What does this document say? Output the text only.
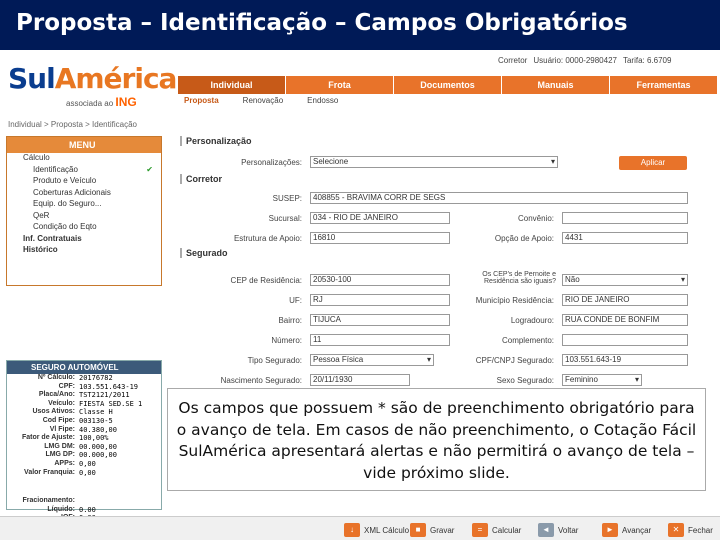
Proposta – Identificação – Campos Obrigatórios
Corretor Usuário: 0000-2980427 Tarifa: 6.6709
SulAmérica
associada ao ING
Individual	Frota	Documentos	Manuais	Ferramentas
Proposta	Renovação	Endosso
Individual > Proposta > Identificação
MENU
Cálculo
Identificação	✔
Produto e Veículo
Coberturas Adicionais
Equip. do Seguro...
QeR
Condição do Eqto
Inf. Contratuais
Histórico
SEGURO AUTOMÓVEL
Nº Cálculo: 20176782
CPF: 103.551.643-19
Placa/Ano: TST2121/2011
Veículo: FIESTA SED.SE 1
Usos Ativos: Classe H
Cod Fipe: 003130-5
Vl Fipe: 40.380,00
Fator de Ajuste: 100,00%
LMG DM: 00.000,00
LMG DP: 00.000,00
APPs: 0,00
Valor Franquia: 0,00
Fracionamento:
Líquido: 0.00
Personalização
Personalizações:	Selecione ▾	Aplicar
Corretor
SUSEP:	408855 - BRAVIMA CORR DE SEGS
Sucursal:	034 - RIO DE JANEIRO	Convênio:
Estrutura de Apoio:	16810	Opção de Apoio:	4431
Segurado
CEP de Residência:	20530-100
Os CEP's de Pernoite e Residência são iguais?	Não ▾
UF:	RJ	Município Residência:	RIO DE JANEIRO
Bairro:	TIJUCA	Logradouro:	RUA CONDE DE BONFIM
Número:	11	Complemento:
Tipo Segurado:	Pessoa Física ▾	CPF/CNPJ Segurado:	103.551.643-19
Nascimento Segurado:	20/11/1930	Sexo Segurado:	Feminino ▾

Os campos que possuem * são de preenchimento obrigatório para o avanço de tela. Em casos de não preenchimento, o Cotação Fácil SulAmérica apresentará alertas e não permitirá o avanço de tela – vide próximo slide.

↓	XML Cálculo ■	Gravar	=	Calcular	◄	Voltar	►	Avançar	✕	Fechar
